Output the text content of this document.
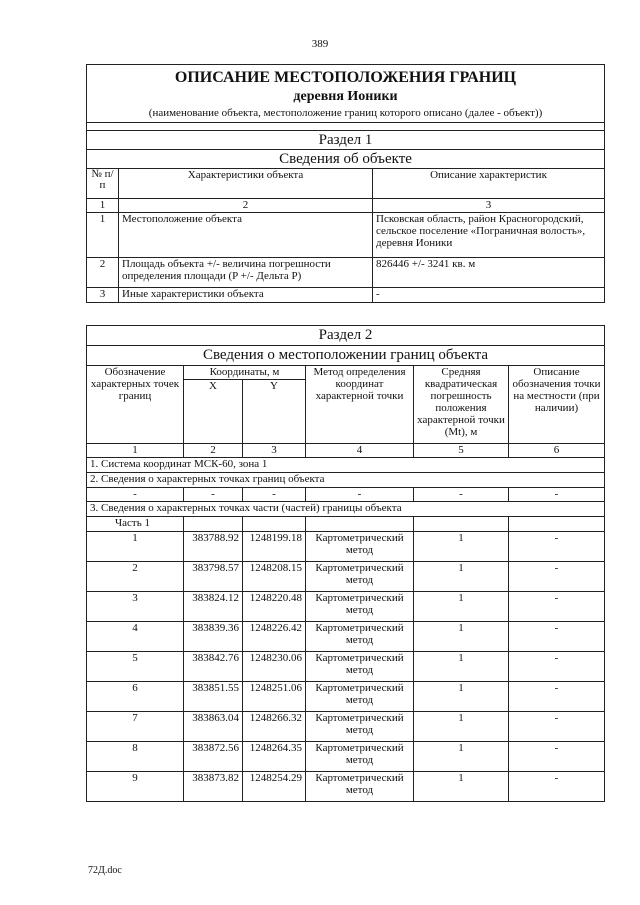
389
ОПИСАНИЕ МЕСТОПОЛОЖЕНИЯ ГРАНИЦ		
деревня Ионики		
(наименование объекта, местоположение границ которого описано (далее - объект))		

Раздел 1		
Сведения об объекте		
№ п/п	Характеристики объекта	Описание характеристик
1	2	3
1	Местоположение объекта	Псковская область, район Красногородский, сельское поселение «Пограничная волость», деревня Ионики
2	Площадь объекта +/- величина погрешности определения площади (P +/- Дельта P)	826446 +/- 3241 кв. м
3	Иные характеристики объекта	-
Раздел 2					
Сведения о местоположении границ объекта					
Обозначение характерных точек границ	Координаты, м		Метод определения координат характерной точки	Средняя квадратическая погрешность положения характерной точки (Mt), м	Описание обозначения точки на местности (при наличии)
	X	Y			
1	2	3	4	5	6
1. Система координат МСК-60, зона 1					
2. Сведения о характерных точках границ объекта					
-	-	-	-	-	-
3. Сведения о характерных точках части (частей) границы объекта					
Часть 1					
1	383788.92	1248199.18	Картометрический метод	1	-
2	383798.57	1248208.15	Картометрический метод	1	-
3	383824.12	1248220.48	Картометрический метод	1	-
4	383839.36	1248226.42	Картометрический метод	1	-
5	383842.76	1248230.06	Картометрический метод	1	-
6	383851.55	1248251.06	Картометрический метод	1	-
7	383863.04	1248266.32	Картометрический метод	1	-
8	383872.56	1248264.35	Картометрический метод	1	-
9	383873.82	1248254.29	Картометрический метод	1	-
72Д.doc
